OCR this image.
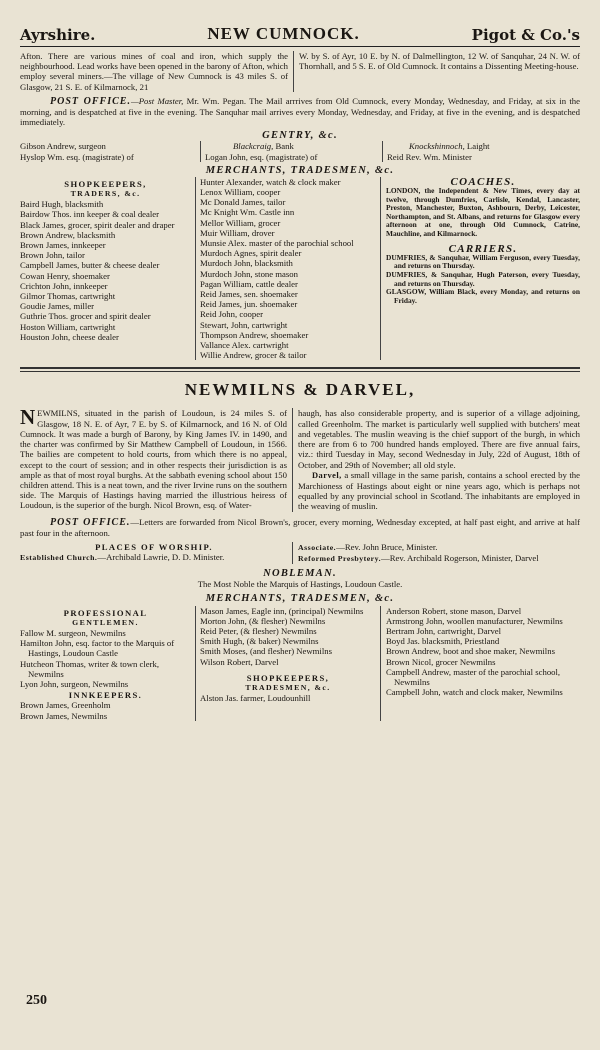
Ayrshire.	NEW CUMNOCK.	Pigot & Co.'s
Afton. There are various mines of coal and iron, which supply the neighbourhood. Lead works have been opened in the barony of Afton, which employ several miners.—The village of New Cumnock is 43 miles S. of Glasgow, 21 S. E. of Kilmarnock, 21
W. by S. of Ayr, 10 E. by N. of Dalmellington, 12 W. of Sanquhar, 24 N. W. of Thornhall, and 5 S. E. of Old Cumnock. It contains a Dissenting Meeting-house.
POST OFFICE.—Post Master, Mr. Wm. Pegan. The Mail arrrives from Old Cumnock, every Monday, Wednesday, and Friday, at six in the morning, and is despatched at five in the evening. The Sanquhar mail arrives every Monday, Wednesday, and Friday, at five in the evening, and is despatched immediately.
GENTRY, &c.
Gibson Andrew, surgeon
Hyslop Wm. esq. (magistrate) of
Blackcraig, Bank
Logan John, esq. (magistrate) of
Knockshinnoch, Laight
Reid Rev. Wm. Minister
MERCHANTS, TRADESMEN, &c.
SHOPKEEPERS,
TRADERS, &c.
Baird Hugh, blacksmith
Bairdow Thos. inn keeper & coal dealer
Black James, grocer, spirit dealer and draper
Brown Andrew, blacksmith
Brown James, innkeeper
Brown John, tailor
Campbell James, butter & cheese dealer
Cowan Henry, shoemaker
Crichton John, innkeeper
Gilmor Thomas, cartwright
Goudie James, miller
Guthrie Thos. grocer and spirit dealer
Hoston William, cartwright
Houston John, cheese dealer
Hunter Alexander, watch & clock maker
Lenox William, cooper
Mc Donald James, tailor
Mc Knight Wm. Castle inn
Mellor William, grocer
Muir William, drover
Munsie Alex. master of the parochial school
Murdoch Agnes, spirit dealer
Murdoch John, blacksmith
Murdoch John, stone mason
Pagan William, cattle dealer
Reid James, sen. shoemaker
Reid James, jun. shoemaker
Reid John, cooper
Stewart, John, cartwright
Thompson Andrew, shoemaker
Vallance Alex. cartwright
Willie Andrew, grocer & tailor
COACHES.
LONDON, the Independent & New Times, every day at twelve, through Dumfries, Carlisle, Kendal, Lancaster, Preston, Manchester, Buxton, Ashbourn, Derby, Leicester, Northampton, and St. Albans, and returns for Glasgow every afternoon at one, through Old Cumnock, Catrine, Mauchline, and Kilmarnock.
CARRIERS.
DUMFRIES, & Sanquhar, William Ferguson, every Tuesday, and returns on Thursday.
DUMFRIES, & Sanquhar, Hugh Paterson, every Tuesday, and returns on Thursday.
GLASGOW, William Black, every Monday, and returns on Friday.
NEWMILNS & DARVEL,
NEWMILNS, situated in the parish of Loudoun, is 24 miles S. of Glasgow, 18 N. E. of Ayr, 7 E. by S. of Kilmarnock, and 16 N. of Old Cumnock. It was made a burgh of Barony, by King James IV. in 1490, and the charter was confirmed by Sir Matthew Campbell of Loudoun, in 1566. The bailies are competent to hold courts, from which there is no appeal, except to the court of session; and in other respects their jurisdiction is as ample as that of most royal burghs. At the sabbath evening school about 150 children attend. This is a neat town, and the river Irvine runs on the southern side. The Marquis of Hastings having married the illustrious heiress of Loudoun, is the superior of the burgh. Nicol Brown, esq. of Water-
haugh, has also considerable property, and is superior of a village adjoining, called Greenholm. The market is particularly well supplied with butchers' meat and vegetables. The muslin weaving is the chief support of the burgh, in which there are from 6 to 700 hundred hands employed. There are five annual fairs, viz.: third Tuesday in May, second Wednesday in July, 22d of August, 18th of October, and 29th of November; all old style.
Darvel, a small village in the same parish, contains a school erected by the Marchioness of Hastings about eight or nine years ago, which is perhaps not equalled by any provincial school in Scotland. The inhabitants are employed in the weaving of muslin.
POST OFFICE.—Letters are forwarded from Nicol Brown's, grocer, every morning, Wednesday excepted, at half past eight, and arrive at half past four in the afternoon.
PLACES OF WORSHIP.
Established Church.—Archibald Lawrie, D. D. Minister.
Associate.—Rev. John Bruce, Minister.
Reformed Presbytery.—Rev. Archibald Rogerson, Minister, Darvel
NOBLEMAN.
The Most Noble the Marquis of Hastings, Loudoun Castle.
MERCHANTS, TRADESMEN, &c.
PROFESSIONAL
GENTLEMEN.
Fallow M. surgeon, Newmilns
Hamilton John, esq. factor to the Marquis of Hastings, Loudoun Castle
Hutcheon Thomas, writer & town clerk, Newmilns
Lyon John, surgeon, Newmilns
INNKEEPERS.
Brown James, Greenholm
Brown James, Newmilns
Mason James, Eagle inn, (principal) Newmilns
Morton John, (& flesher) Newmilns
Reid Peter, (& flesher) Newmilns
Smith Hugh, (& baker) Newmilns
Smith Moses, (and flesher) Newmilns
Wilson Robert, Darvel
SHOPKEEPERS,
TRADESMEN, &c.
Alston Jas. farmer, Loudounhill
Anderson Robert, stone mason, Darvel
Armstrong John, woollen manufacturer, Newmilns
Bertram John, cartwright, Darvel
Boyd Jas. blacksmith, Priestland
Brown Andrew, boot and shoe maker, Newmilns
Brown Nicol, grocer Newmilns
Campbell Andrew, master of the parochial school, Newmilns
Campbell John, watch and clock maker, Newmilns
250
